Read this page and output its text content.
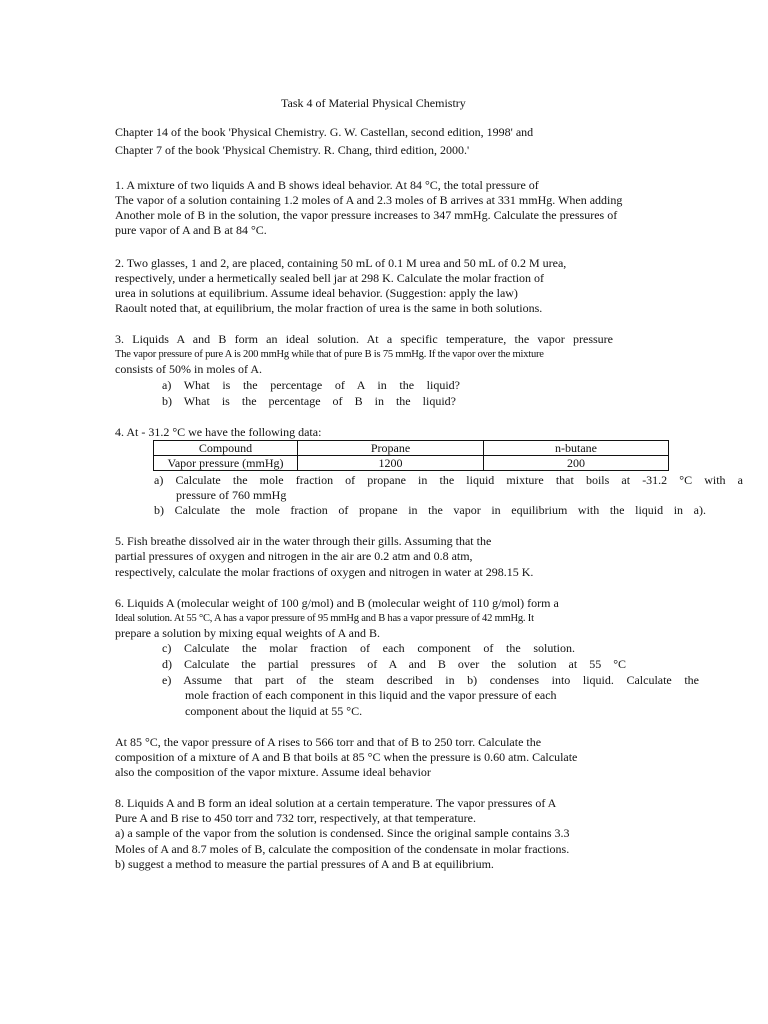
Task 4 of Material Physical Chemistry
Chapter 14 of the book 'Physical Chemistry. G. W. Castellan, second edition, 1998' and
Chapter 7 of the book 'Physical Chemistry. R. Chang, third edition, 2000.'
1. A mixture of two liquids A and B shows ideal behavior. At 84 °C, the total pressure of
The vapor of a solution containing 1.2 moles of A and 2.3 moles of B arrives at 331 mmHg. When adding
Another mole of B in the solution, the vapor pressure increases to 347 mmHg. Calculate the pressures of
pure vapor of A and B at 84 °C.
2. Two glasses, 1 and 2, are placed, containing 50 mL of 0.1 M urea and 50 mL of 0.2 M urea,
respectively, under a hermetically sealed bell jar at 298 K. Calculate the molar fraction of
urea in solutions at equilibrium. Assume ideal behavior. (Suggestion: apply the law)
Raoult noted that, at equilibrium, the molar fraction of urea is the same in both solutions.
3. Liquids A and B form an ideal solution. At a specific temperature, the vapor pressure
The vapor pressure of pure A is 200 mmHg while that of pure B is 75 mmHg. If the vapor over the mixture
consists of 50% in moles of A.
a) What is the percentage of A in the liquid?
b) What is the percentage of B in the liquid?
4. At - 31.2 °C we have the following data:
Compound	Propane	n-butane
Vapor pressure (mmHg)	1200	200
a) Calculate the mole fraction of propane in the liquid mixture that boils at -31.2 °C with a
pressure of 760 mmHg
b) Calculate the mole fraction of propane in the vapor in equilibrium with the liquid in a).
5. Fish breathe dissolved air in the water through their gills. Assuming that the
partial pressures of oxygen and nitrogen in the air are 0.2 atm and 0.8 atm,
respectively, calculate the molar fractions of oxygen and nitrogen in water at 298.15 K.
6. Liquids A (molecular weight of 100 g/mol) and B (molecular weight of 110 g/mol) form a
Ideal solution. At 55 °C, A has a vapor pressure of 95 mmHg and B has a vapor pressure of 42 mmHg. It
prepare a solution by mixing equal weights of A and B.
c) Calculate the molar fraction of each component of the solution.
d) Calculate the partial pressures of A and B over the solution at 55 °C
e) Assume that part of the steam described in b) condenses into liquid. Calculate the
mole fraction of each component in this liquid and the vapor pressure of each
component about the liquid at 55 °C.
At 85 °C, the vapor pressure of A rises to 566 torr and that of B to 250 torr. Calculate the
composition of a mixture of A and B that boils at 85 °C when the pressure is 0.60 atm. Calculate
also the composition of the vapor mixture. Assume ideal behavior
8. Liquids A and B form an ideal solution at a certain temperature. The vapor pressures of A
Pure A and B rise to 450 torr and 732 torr, respectively, at that temperature.
a) a sample of the vapor from the solution is condensed. Since the original sample contains 3.3
Moles of A and 8.7 moles of B, calculate the composition of the condensate in molar fractions.
b) suggest a method to measure the partial pressures of A and B at equilibrium.
